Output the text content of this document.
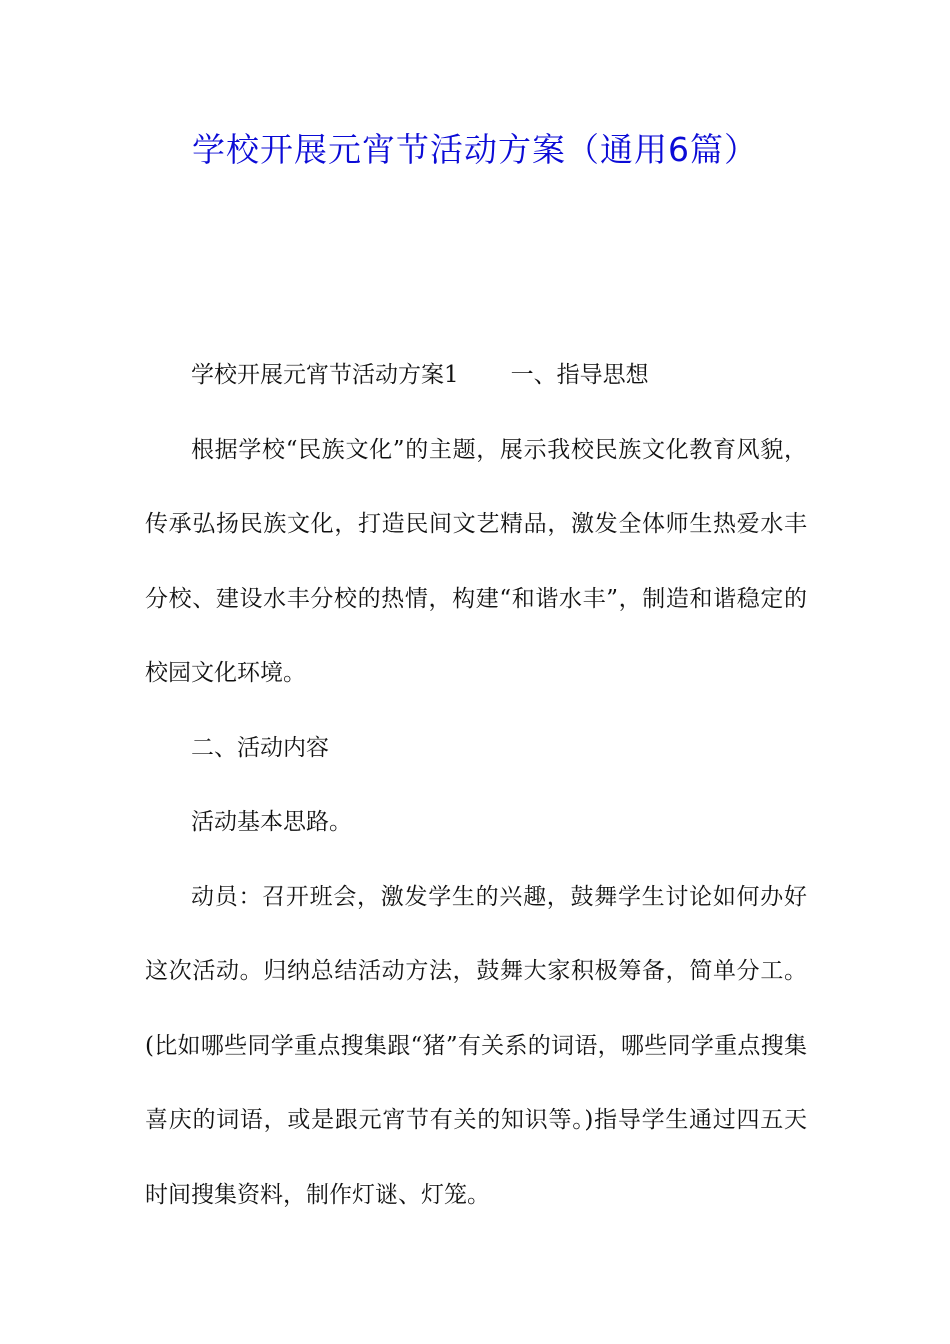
学校开展元宵节活动方案（通用6篇）

学校开展元宵节活动方案1 一、指导思想

根据学校“民族文化”的主题，展示我校民族文化教育风貌，传承弘扬民族文化，打造民间文艺精品，激发全体师生热爱水丰分校、建设水丰分校的热情，构建“和谐水丰”，制造和谐稳定的校园文化环境。

二、活动内容

活动基本思路。

动员：召开班会，激发学生的兴趣，鼓舞学生讨论如何办好这次活动。归纳总结活动方法，鼓舞大家积极筹备，简单分工。(比如哪些同学重点搜集跟“猪”有关系的词语，哪些同学重点搜集喜庆的词语，或是跟元宵节有关的知识等。)指导学生通过四五天时间搜集资料，制作灯谜、灯笼。
